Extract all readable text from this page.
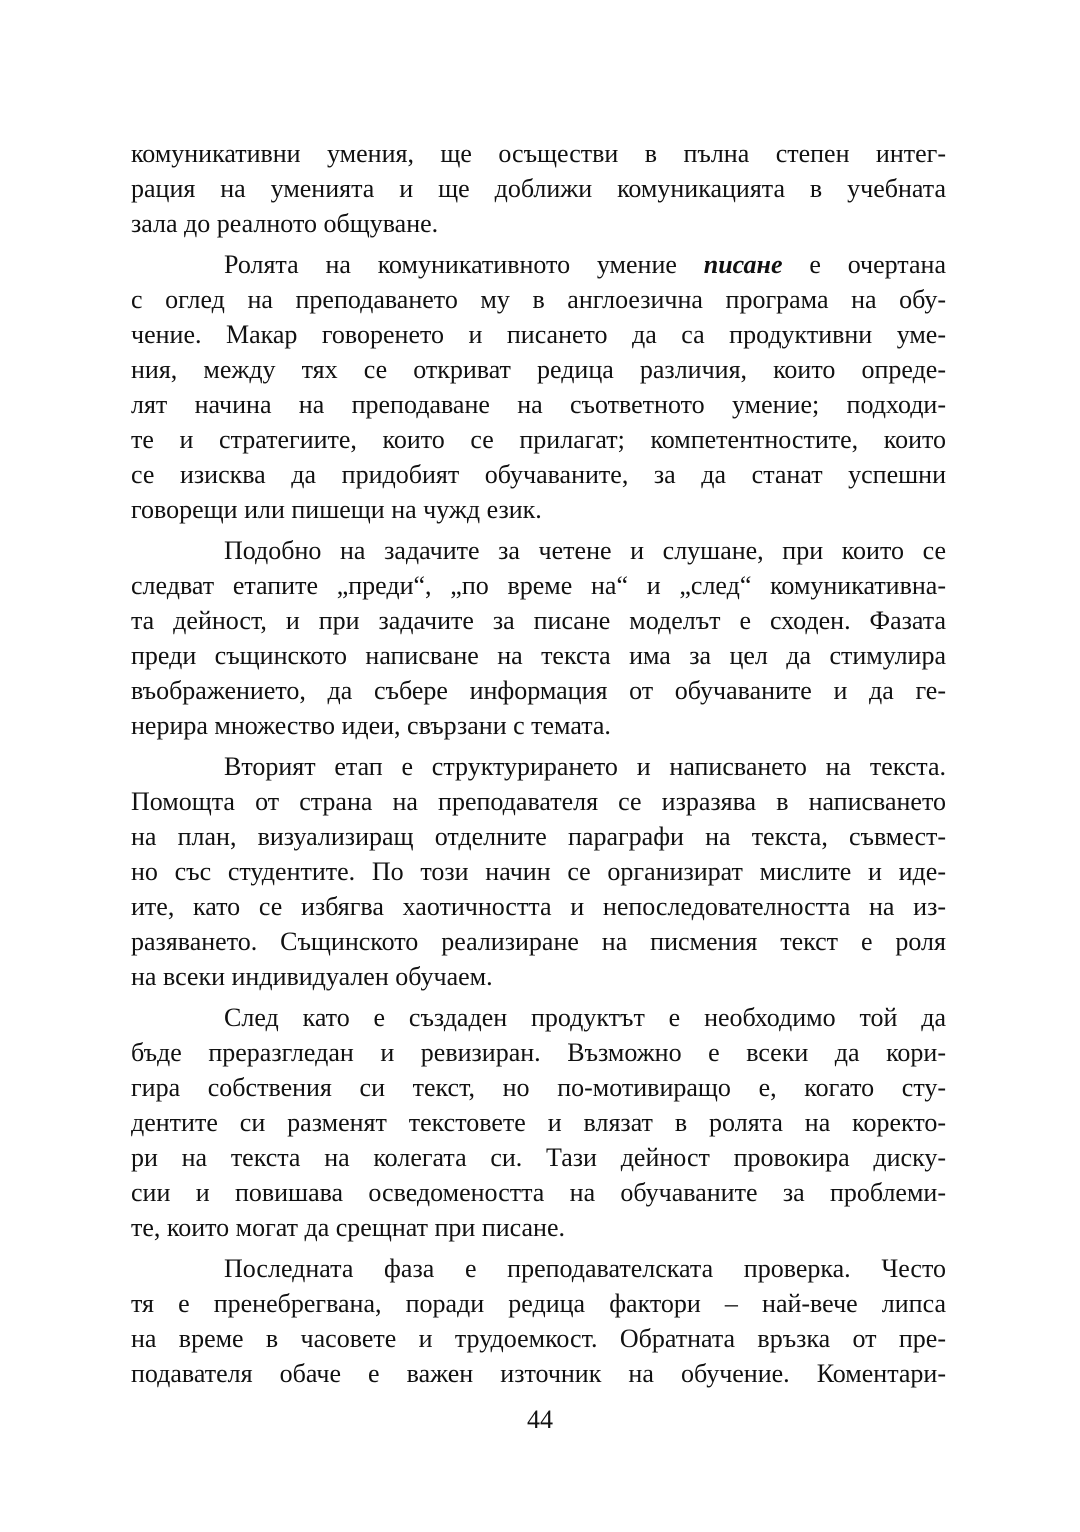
комуникативни умения, ще осъществи в пълна степен интег-
рация на уменията и ще доближи комуникацията в учебната
зала до реалното общуване.
Ролята на комуникативното умение писане е очертана
с оглед на преподаването му в англоезична програма на обу-
чение. Макар говоренето и писането да са продуктивни уме-
ния, между тях се откриват редица различия, които опреде-
лят начина на преподаване на съответното умение; подходи-
те и стратегиите, които се прилагат; компетентностите, които
се изисква да придобият обучаваните, за да станат успешни
говорещи или пишещи на чужд език.
Подобно на задачите за четене и слушане, при които се
следват етапите „преди“, „по време на“ и „след“ комуникативна-
та дейност, и при задачите за писане моделът е сходен. Фазата
преди същинското написване на текста има за цел да стимулира
въображението, да събере информация от обучаваните и да ге-
нерира множество идеи, свързани с темата.
Вторият етап е структурирането и написването на текста.
Помощта от страна на преподавателя се изразява в написването
на план, визуализиращ отделните параграфи на текста, съвмест-
но със студентите. По този начин се организират мислите и иде-
ите, като се избягва хаотичността и непоследователността на из-
разяването. Същинското реализиране на писмения текст е роля
на всеки индивидуален обучаем.
След като е създаден продуктът е необходимо той да
бъде преразгледан и ревизиран. Възможно е всеки да кори-
гира собствения си текст, но по-мотивиращо е, когато сту-
дентите си разменят текстовете и влязат в ролята на коректо-
ри на текста на колегата си. Тази дейност провокира диску-
сии и повишава осведомеността на обучаваните за проблеми-
те, които могат да срещнат при писане.
Последната фаза е преподавателската проверка. Често
тя е пренебрегвана, поради редица фактори – най-вече липса
на време в часовете и трудоемкост. Обратната връзка от пре-
подавателя обаче е важен източник на обучение. Коментари-
44
